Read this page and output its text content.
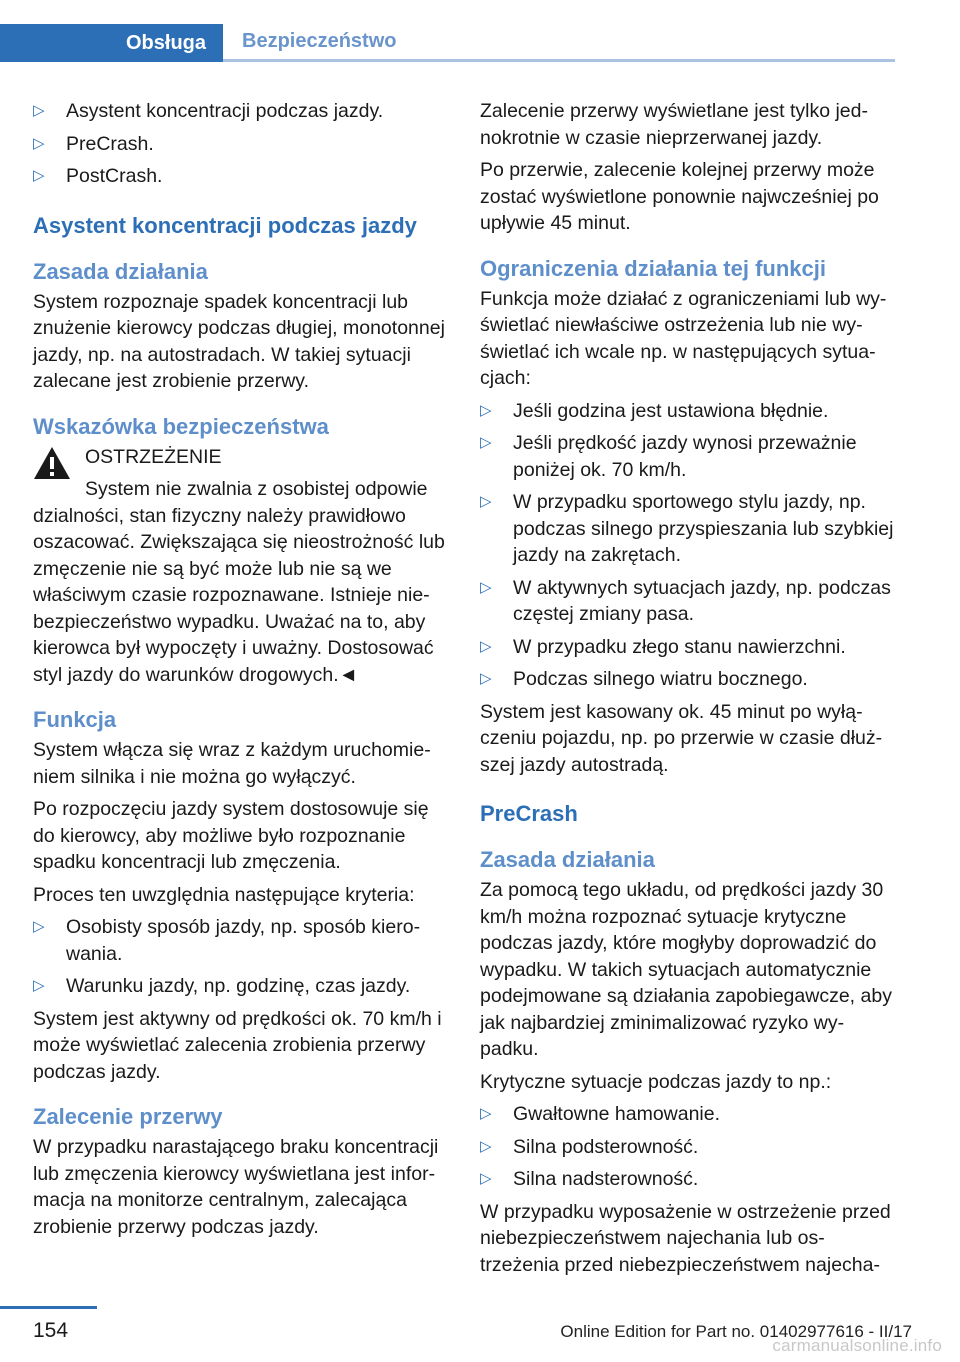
Obsługa	Bezpieczeństwo
▷	Asystent koncentracji podczas jazdy.
▷	PreCrash.
▷	PostCrash.
Asystent koncentracji podczas jazdy
Zasada działania

System rozpoznaje spadek koncentracji lub znużenie kierowcy podczas długiej, monotonnej jazdy, np. na autostradach. W takiej sytuacji zalecane jest zrobienie przerwy.

Wskazówka bezpieczeństwa
OSTRZEŻENIE
System nie zwalnia z osobistej odpowie

dzialności, stan fizyczny należy prawidłowo oszacować. Zwiększająca się nieostrożność lub zmęczenie nie są być może lub nie są we właściwym czasie rozpoznawane. Istnieje niebezpieczeństwo wypadku. Uważać na to, aby kierowca był wypoczęty i uważny. Dostosować styl jazdy do warunków drogowych.◄

Funkcja

System włącza się wraz z każdym uruchomieniem silnika i nie można go wyłączyć.

Po rozpoczęciu jazdy system dostosowuje się do kierowcy, aby możliwe było rozpoznanie spadku koncentracji lub zmęczenia.

Proces ten uwzględnia następujące kryteria:

▷	Osobisty sposób jazdy, np. sposób kierowania.
▷	Warunku jazdy, np. godzinę, czas jazdy.

System jest aktywny od prędkości ok. 70 km/h i może wyświetlać zalecenia zrobienia przerwy podczas jazdy.

Zalecenie przerwy

W przypadku narastającego braku koncentracji lub zmęczenia kierowcy wyświetlana jest informacja na monitorze centralnym, zalecająca zrobienie przerwy podczas jazdy.

Zalecenie przerwy wyświetlane jest tylko jednokrotnie w czasie nieprzerwanej jazdy.

Po przerwie, zalecenie kolejnej przerwy może zostać wyświetlone ponownie najwcześniej po upływie 45 minut.

Ograniczenia działania tej funkcji

Funkcja może działać z ograniczeniami lub wyświetlać niewłaściwe ostrzeżenia lub nie wyświetlać ich wcale np. w następujących sytuacjach:

▷	Jeśli godzina jest ustawiona błędnie.
▷	Jeśli prędkość jazdy wynosi przeważnie poniżej ok. 70 km/h.
▷	W przypadku sportowego stylu jazdy, np. podczas silnego przyspieszania lub szybkiej jazdy na zakrętach.
▷	W aktywnych sytuacjach jazdy, np. podczas częstej zmiany pasa.
▷	W przypadku złego stanu nawierzchni.
▷	Podczas silnego wiatru bocznego.

System jest kasowany ok. 45 minut po wyłączeniu pojazdu, np. po przerwie w czasie dłuższej jazdy autostradą.

PreCrash
Zasada działania

Za pomocą tego układu, od prędkości jazdy 30 km/h można rozpoznać sytuacje krytyczne podczas jazdy, które mogłyby doprowadzić do wypadku. W takich sytuacjach automatycznie podejmowane są działania zapobiegawcze, aby jak najbardziej zminimalizować ryzyko wypadku.

Krytyczne sytuacje podczas jazdy to np.:

▷	Gwałtowne hamowanie.
▷	Silna podsterowność.
▷	Silna nadsterowność.

W przypadku wyposażenie w ostrzeżenie przed niebezpieczeństwem najechania lub ostrzeżenia przed niebezpieczeństwem najecha-

154	Online Edition for Part no. 01402977616 - II/17
carmanualsonline.info
